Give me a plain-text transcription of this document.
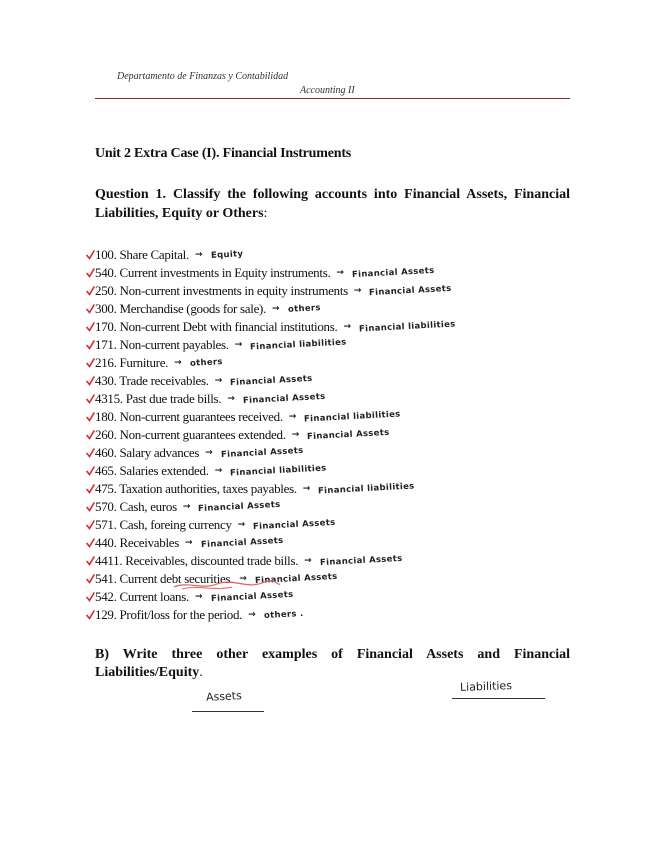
Departamento de Finanzas y Contabilidad
Accounting II
Unit 2 Extra Case (I). Financial Instruments
Question 1. Classify the following accounts into Financial Assets, Financial Liabilities, Equity or Others:
100. Share Capital. → Equity
540. Current investments in Equity instruments. → Financial Assets
250. Non-current investments in equity instruments → Financial Assets
300. Merchandise (goods for sale). → others
170. Non-current Debt with financial institutions. → Financial liabilities
171. Non-current payables. → Financial liabilities
216. Furniture. → others
430. Trade receivables. → Financial Assets
4315. Past due trade bills. → Financial Assets
180. Non-current guarantees received. → Financial liabilities
260. Non-current guarantees extended. → Financial Assets
460. Salary advances → Financial Assets
465. Salaries extended. → Financial liabilities
475. Taxation authorities, taxes payables. → Financial liabilities
570. Cash, euros → Financial Assets
571. Cash, foreing currency → Financial Assets
440. Receivables → Financial Assets
4411. Receivables, discounted trade bills. → Financial Assets
541. Current debt securities. → Financial Assets
542. Current loans. → Financial Assets
129. Profit/loss for the period. → others .
B) Write three other examples of Financial Assets and Financial Liabilities/Equity.
Assets
Liabilities
